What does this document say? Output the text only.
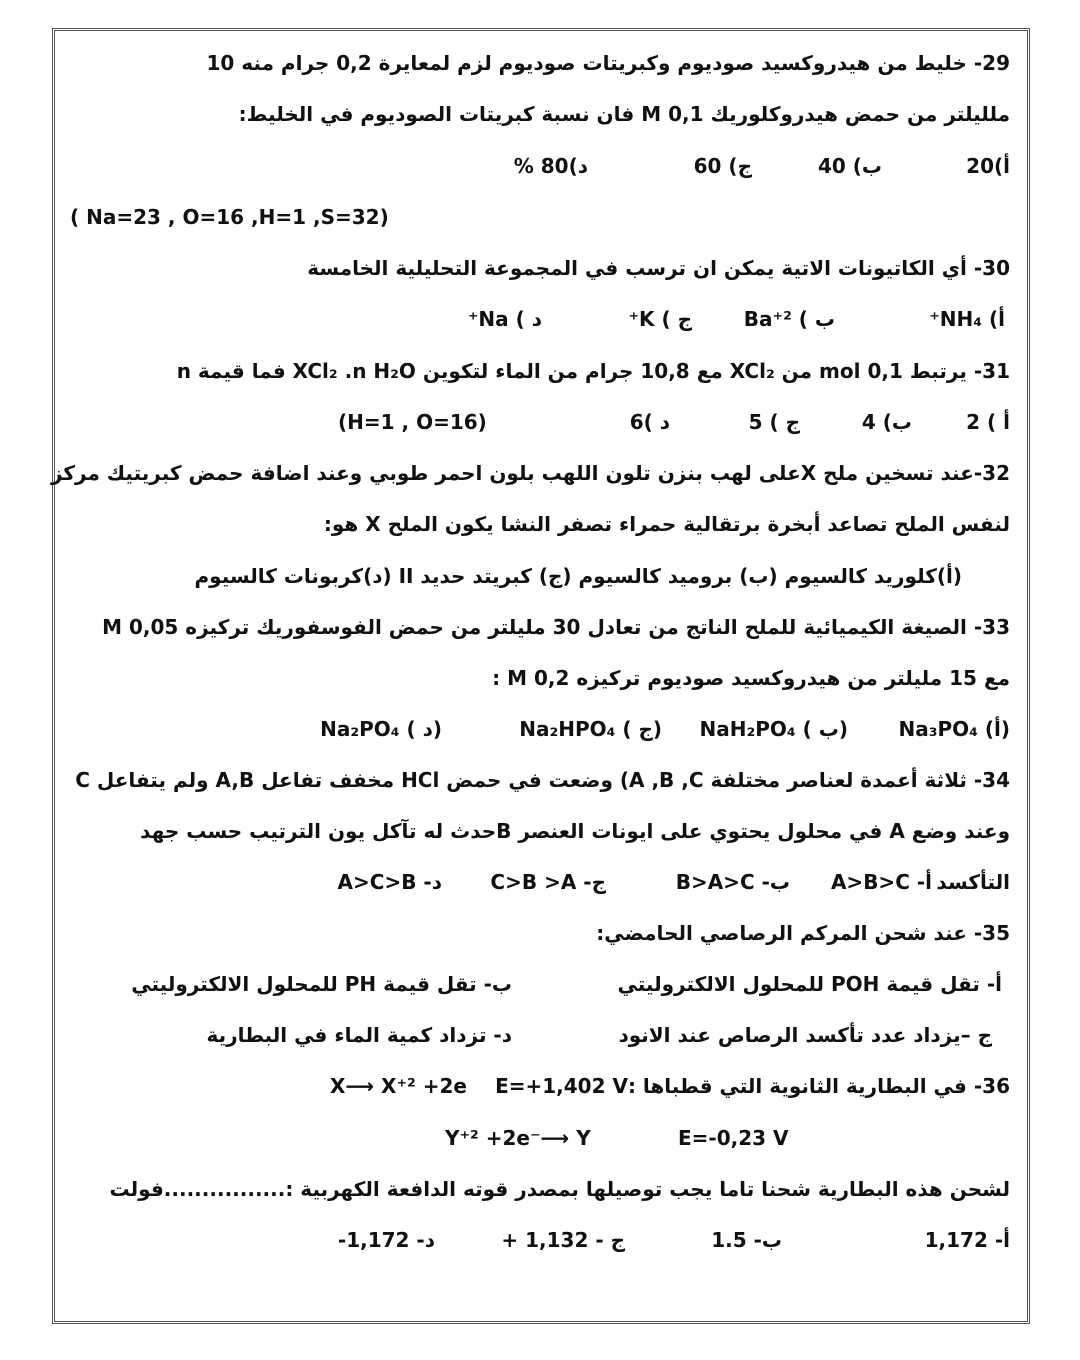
29- خليط من هيدروكسيد صوديوم وكبريتات صوديوم لزم لمعايرة 0,2 جرام منه 10
ملليلتر من حمض هيدروكلوريك 0,1 M فان نسبة كبريتات الصوديوم في الخليط:
أ)20
ب) 40
ج) 60
د)80 %
( Na=23 , O=16 ,H=1 ,S=32)
30- أي الكاتيونات الاتية يمكن ان ترسب في المجموعة التحليلية الخامسة
أ) NH₄⁺
ب ) Ba⁺²
ج ) K⁺
د ) Na⁺
31- يرتبط 0,1 mol من XCl₂ مع 10,8 جرام من الماء لتكوين XCl₂ .n H₂O فما قيمة n
أ ) 2
ب) 4
ج ) 5
د )6
(H=1 , O=16)
32-عند تسخين ملح Xعلى لهب بنزن تلون اللهب بلون احمر طوبي وعند اضافة حمض كبريتيك مركز
لنفس الملح تصاعد أبخرة برتقالية حمراء تصفر النشا يكون الملح X هو:
(أ)كلوريد كالسيوم (ب) بروميد كالسيوم (ج) كبريتد حديد II (د)كربونات كالسيوم
33- الصيغة الكيميائية للملح الناتج من تعادل 30 مليلتر من حمض الفوسفوريك تركيزه 0,05 M
مع 15 مليلتر من هيدروكسيد صوديوم تركيزه 0,2 M :
(أ) Na₃PO₄
(ب ) NaH₂PO₄
(ج ) Na₂HPO₄
(د ) Na₂PO₄
34- ثلاثة أعمدة لعناصر مختلفة A ,B ,C) وضعت في حمض HCl مخفف تفاعل A,B ولم يتفاعل C
وعند وضع A في محلول يحتوي على ايونات العنصر Bحدث له تآكل يون الترتيب حسب جهد
التأكسد
أ- A>B>C
ب- B>A>C
ج- C>B >A
د- A>C>B
35- عند شحن المركم الرصاصي الحامضي:
أ- تقل قيمة POH للمحلول الالكتروليتي
ب- تقل قيمة PH للمحلول الالكتروليتي
ج –يزداد عدد تأكسد الرصاص عند الانود
د- تزداد كمية الماء في البطارية
36- في البطارية الثانوية التي قطباها :E=+1,402 V
X⟶ X⁺² +2e
Y⁺² +2e⁻⟶ Y	E=-0,23 V
لشحن هذه البطارية شحنا تاما يجب توصيلها بمصدر قوته الدافعة الكهربية :................فولت
أ- 1,172
ب- 1.5
ج - 1,132 +
د- 1,172-
